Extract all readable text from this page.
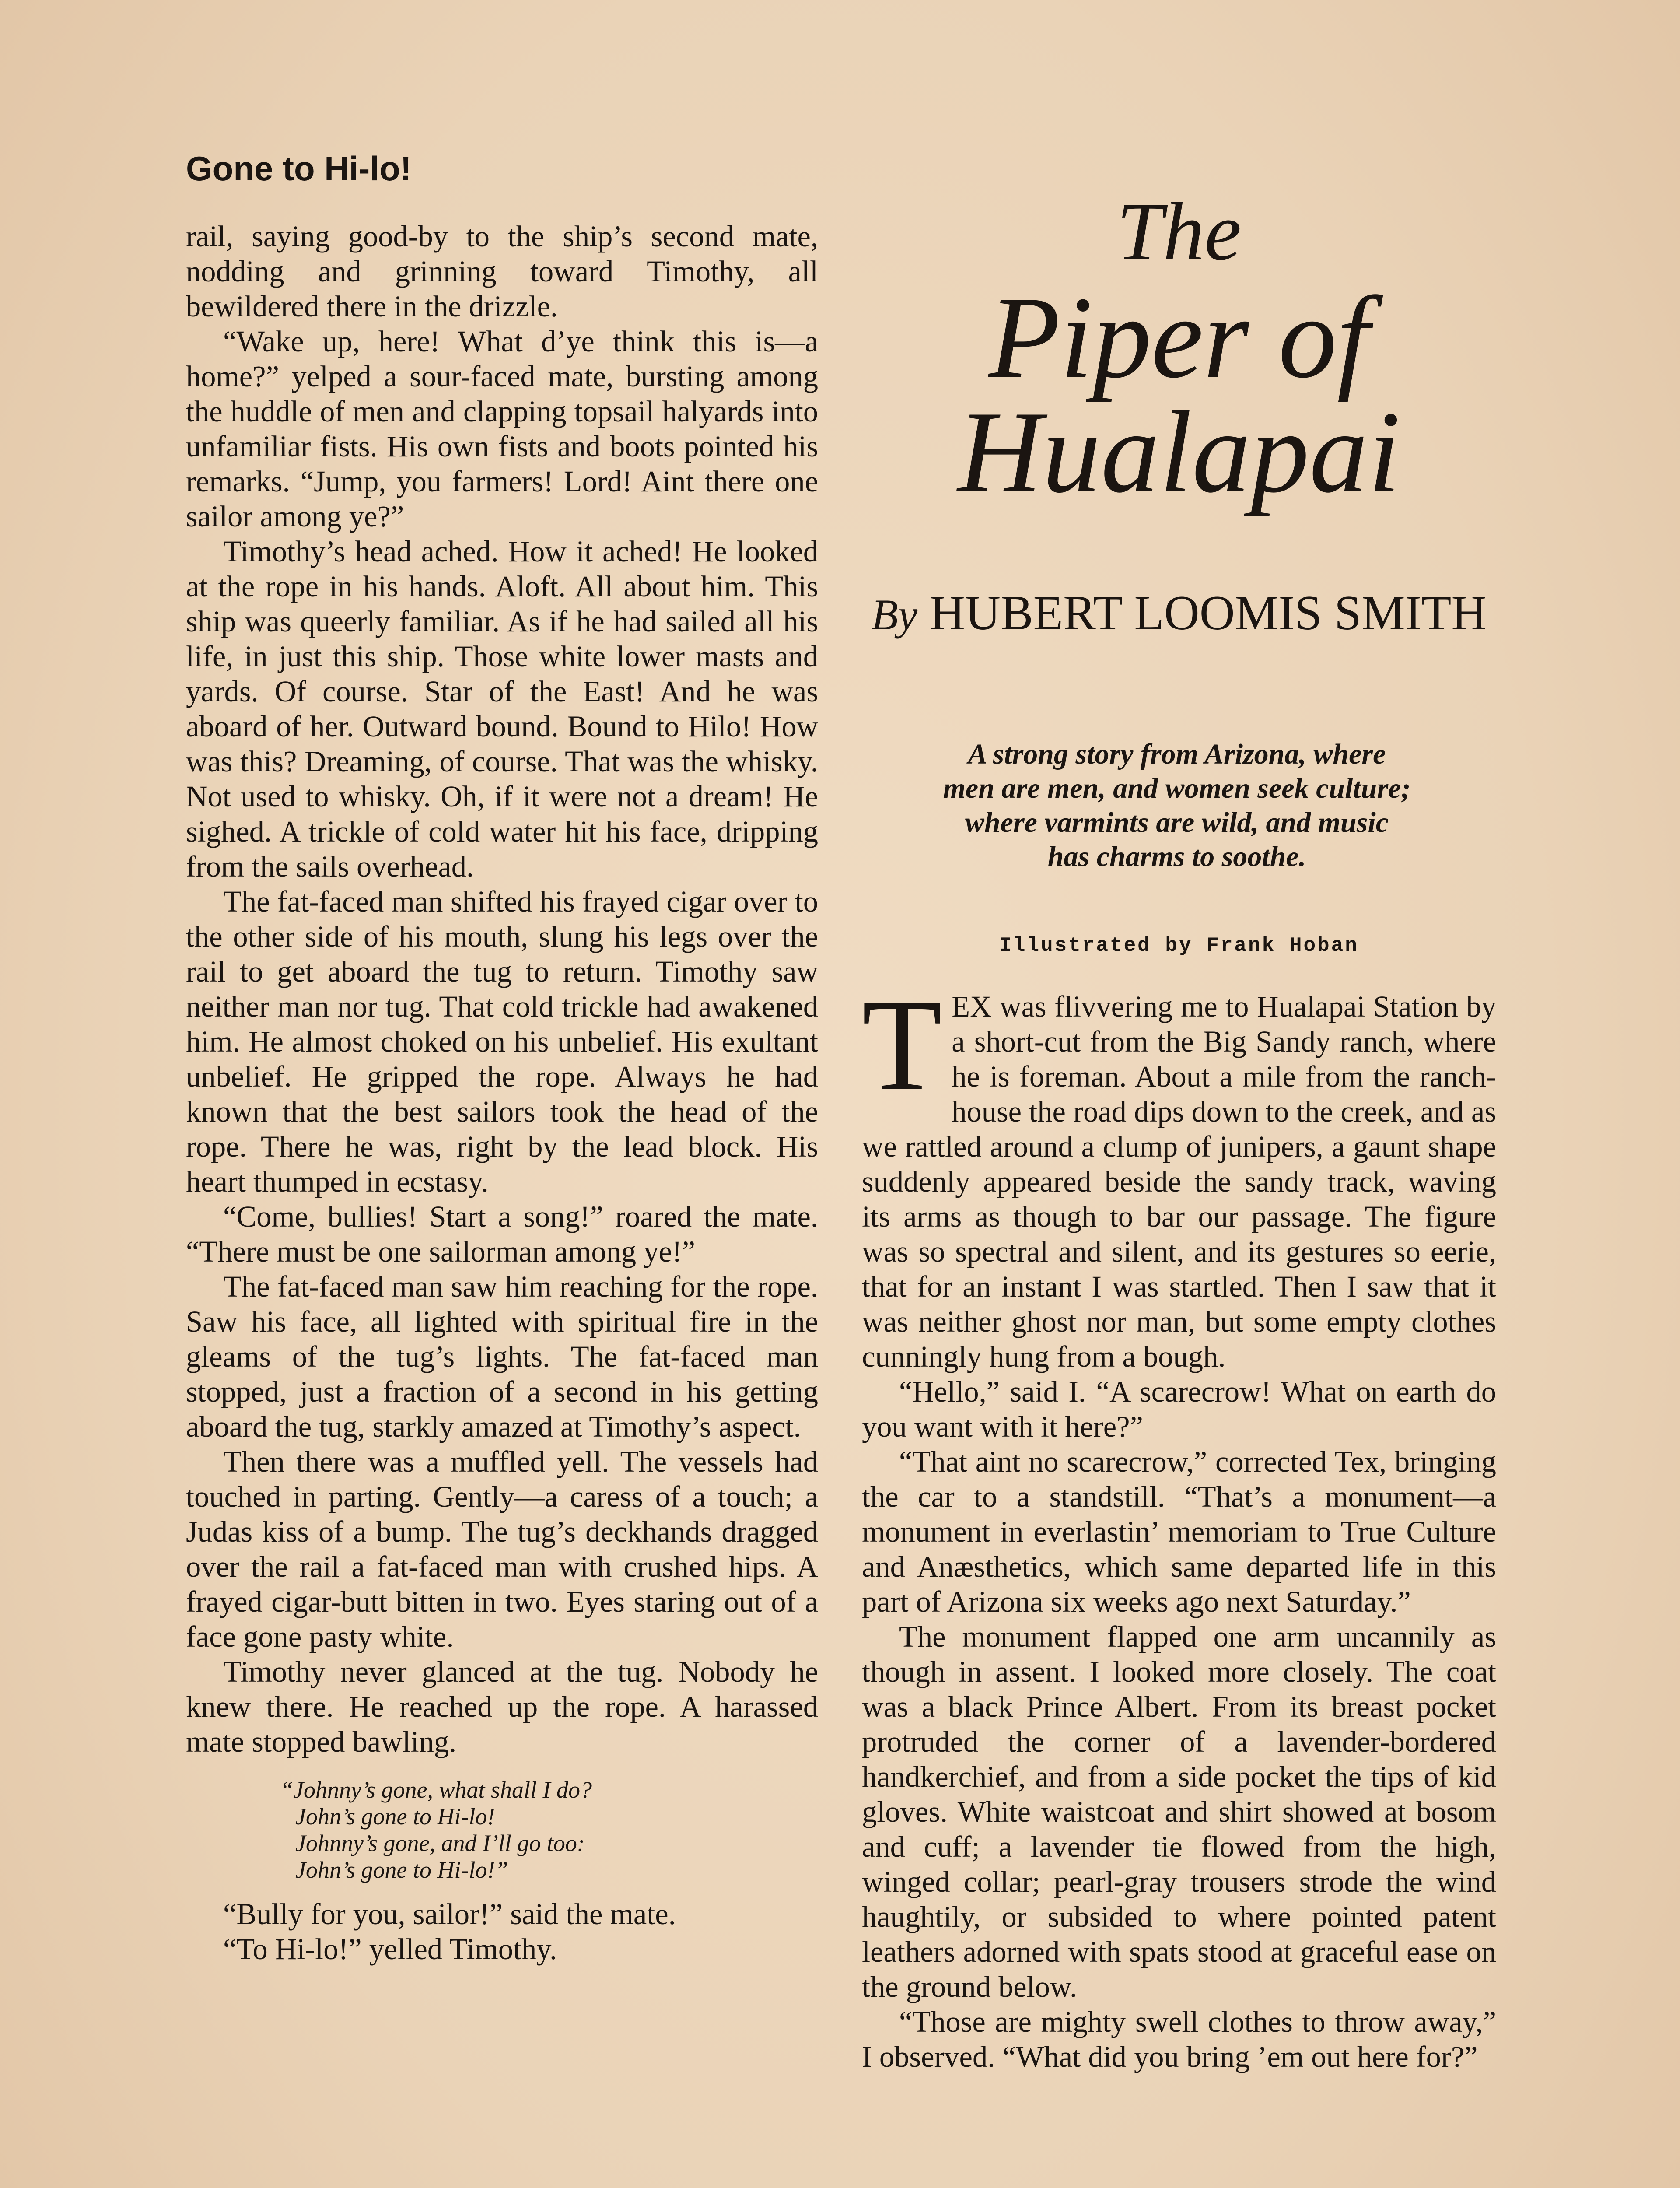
Gone to Hi-lo!

rail, saying good-by to the ship’s second mate, nodding and grinning toward Timothy, all bewildered there in the drizzle.

“Wake up, here! What d’ye think this is—a home?” yelped a sour-faced mate, bursting among the huddle of men and clapping topsail halyards into unfamiliar fists. His own fists and boots pointed his remarks. “Jump, you farmers! Lord! Aint there one sailor among ye?”

Timothy’s head ached. How it ached! He looked at the rope in his hands. Aloft. All about him. This ship was queerly familiar. As if he had sailed all his life, in just this ship. Those white lower masts and yards. Of course. Star of the East! And he was aboard of her. Outward bound. Bound to Hilo! How was this? Dreaming, of course. That was the whisky. Not used to whisky. Oh, if it were not a dream! He sighed. A trickle of cold water hit his face, dripping from the sails overhead.

The fat-faced man shifted his frayed cigar over to the other side of his mouth, slung his legs over the rail to get aboard the tug to return. Timothy saw neither man nor tug. That cold trickle had awakened him. He almost choked on his unbelief. His exultant unbelief. He gripped the rope. Always he had known that the best sailors took the head of the rope. There he was, right by the lead block. His heart thumped in ecstasy.

“Come, bullies! Start a song!” roared the mate. “There must be one sailorman among ye!”

The fat-faced man saw him reaching for the rope. Saw his face, all lighted with spiritual fire in the gleams of the tug’s lights. The fat-faced man stopped, just a fraction of a second in his getting aboard the tug, starkly amazed at Timothy’s aspect.

Then there was a muffled yell. The vessels had touched in parting. Gently—a caress of a touch; a Judas kiss of a bump. The tug’s deckhands dragged over the rail a fat-faced man with crushed hips. A frayed cigar-butt bitten in two. Eyes staring out of a face gone pasty white.

Timothy never glanced at the tug. Nobody he knew there. He reached up the rope. A harassed mate stopped bawling.

“Johnny’s gone, what shall I do?
John’s gone to Hi-lo!
Johnny’s gone, and I’ll go too:
John’s gone to Hi-lo!”

“Bully for you, sailor!” said the mate.

“To Hi-lo!” yelled Timothy.

The
Piper of Hualapai
By HUBERT LOOMIS SMITH
A strong story from Arizona, where men are men, and women seek culture; where varmints are wild, and music has charms to soothe.
Illustrated by Frank Hoban

TEX was flivvering me to Hualapai Station by a short-cut from the Big Sandy ranch, where he is foreman. About a mile from the ranch-house the road dips down to the creek, and as we rattled around a clump of junipers, a gaunt shape suddenly appeared beside the sandy track, waving its arms as though to bar our passage. The figure was so spectral and silent, and its gestures so eerie, that for an instant I was startled. Then I saw that it was neither ghost nor man, but some empty clothes cunningly hung from a bough.

“Hello,” said I. “A scarecrow! What on earth do you want with it here?”

“That aint no scarecrow,” corrected Tex, bringing the car to a standstill. “That’s a monument—a monument in everlastin’ memoriam to True Culture and Anæsthetics, which same departed life in this part of Arizona six weeks ago next Saturday.”

The monument flapped one arm uncannily as though in assent. I looked more closely. The coat was a black Prince Albert. From its breast pocket protruded the corner of a lavender-bordered handkerchief, and from a side pocket the tips of kid gloves. White waistcoat and shirt showed at bosom and cuff; a lavender tie flowed from the high, winged collar; pearl-gray trousers strode the wind haughtily, or subsided to where pointed patent leathers adorned with spats stood at graceful ease on the ground below.

“Those are mighty swell clothes to throw away,” I observed. “What did you bring ’em out here for?”
